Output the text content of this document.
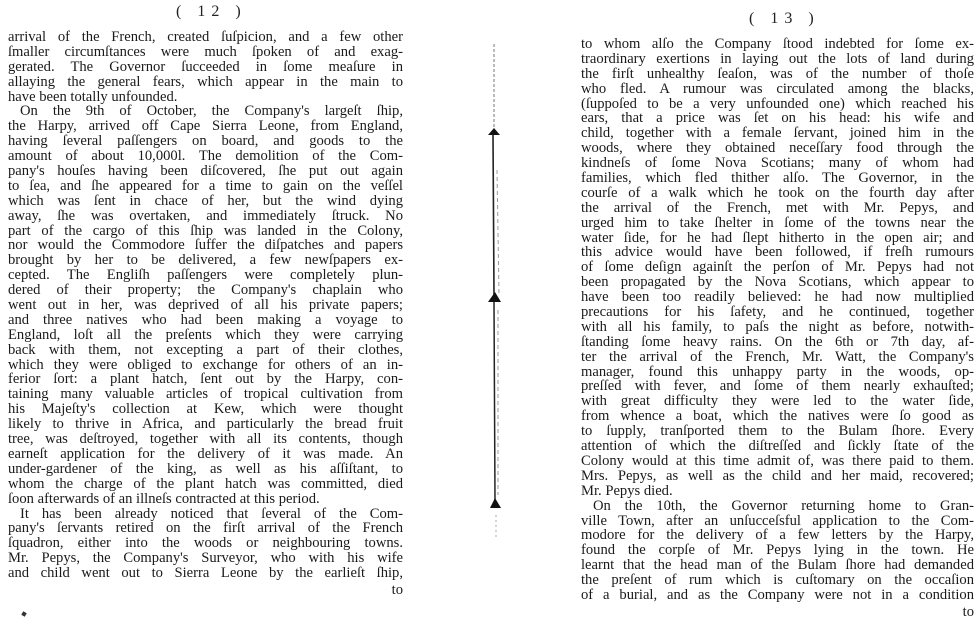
( 12 )
arrival of the French, created ſuſpicion, and a few other
ſmaller circumſtances were much ſpoken of and exag-
gerated. The Governor ſucceeded in ſome meaſure in
allaying the general fears, which appear in the main to
have been totally unfounded.
On the 9th of October, the Company's largeſt ſhip,
the Harpy, arrived off Cape Sierra Leone, from England,
having ſeveral paſſengers on board, and goods to the
amount of about 10,000l. The demolition of the Com-
pany's houſes having been diſcovered, ſhe put out again
to ſea, and ſhe appeared for a time to gain on the veſſel
which was ſent in chace of her, but the wind dying
away, ſhe was overtaken, and immediately ſtruck. No
part of the cargo of this ſhip was landed in the Colony,
nor would the Commodore ſuffer the diſpatches and papers
brought by her to be delivered, a few newſpapers ex-
cepted. The Engliſh paſſengers were completely plun-
dered of their property; the Company's chaplain who
went out in her, was deprived of all his private papers;
and three natives who had been making a voyage to
England, loſt all the preſents which they were carrying
back with them, not excepting a part of their clothes,
which they were obliged to exchange for others of an in-
ferior ſort: a plant hatch, ſent out by the Harpy, con-
taining many valuable articles of tropical cultivation from
his Majeſty's collection at Kew, which were thought
likely to thrive in Africa, and particularly the bread fruit
tree, was deſtroyed, together with all its contents, though
earneſt application for the delivery of it was made. An
under-gardener of the king, as well as his aſſiſtant, to
whom the charge of the plant hatch was committed, died
ſoon afterwards of an illneſs contracted at this period.
It has been already noticed that ſeveral of the Com-
pany's ſervants retired on the firſt arrival of the French
ſquadron, either into the woods or neighbouring towns.
Mr. Pepys, the Company's Surveyor, who with his wife
and child went out to Sierra Leone by the earlieſt ſhip,
to
( 13 )
to whom alſo the Company ſtood indebted for ſome ex-
traordinary exertions in laying out the lots of land during
the firſt unhealthy ſeaſon, was of the number of thoſe
who fled. A rumour was circulated among the blacks,
(ſuppoſed to be a very unfounded one) which reached his
ears, that a price was ſet on his head: his wife and
child, together with a female ſervant, joined him in the
woods, where they obtained neceſſary food through the
kindneſs of ſome Nova Scotians; many of whom had
families, which fled thither alſo. The Governor, in the
courſe of a walk which he took on the fourth day after
the arrival of the French, met with Mr. Pepys, and
urged him to take ſhelter in ſome of the towns near the
water ſide, for he had ſlept hitherto in the open air; and
this advice would have been followed, if freſh rumours
of ſome deſign againſt the perſon of Mr. Pepys had not
been propagated by the Nova Scotians, which appear to
have been too readily believed: he had now multiplied
precautions for his ſafety, and he continued, together
with all his family, to paſs the night as before, notwith-
ſtanding ſome heavy rains. On the 6th or 7th day, af-
ter the arrival of the French, Mr. Watt, the Company's
manager, found this unhappy party in the woods, op-
preſſed with fever, and ſome of them nearly exhauſted;
with great difficulty they were led to the water ſide,
from whence a boat, which the natives were ſo good as
to ſupply, tranſported them to the Bulam ſhore. Every
attention of which the diſtreſſed and ſickly ſtate of the
Colony would at this time admit of, was there paid to them.
Mrs. Pepys, as well as the child and her maid, recovered;
Mr. Pepys died.
On the 10th, the Governor returning home to Gran-
ville Town, after an unſucceſsful application to the Com-
modore for the delivery of a few letters by the Harpy,
found the corpſe of Mr. Pepys lying in the town. He
learnt that the head man of the Bulam ſhore had demanded
the preſent of rum which is cuſtomary on the occaſion
of a burial, and as the Company were not in a condition
to
